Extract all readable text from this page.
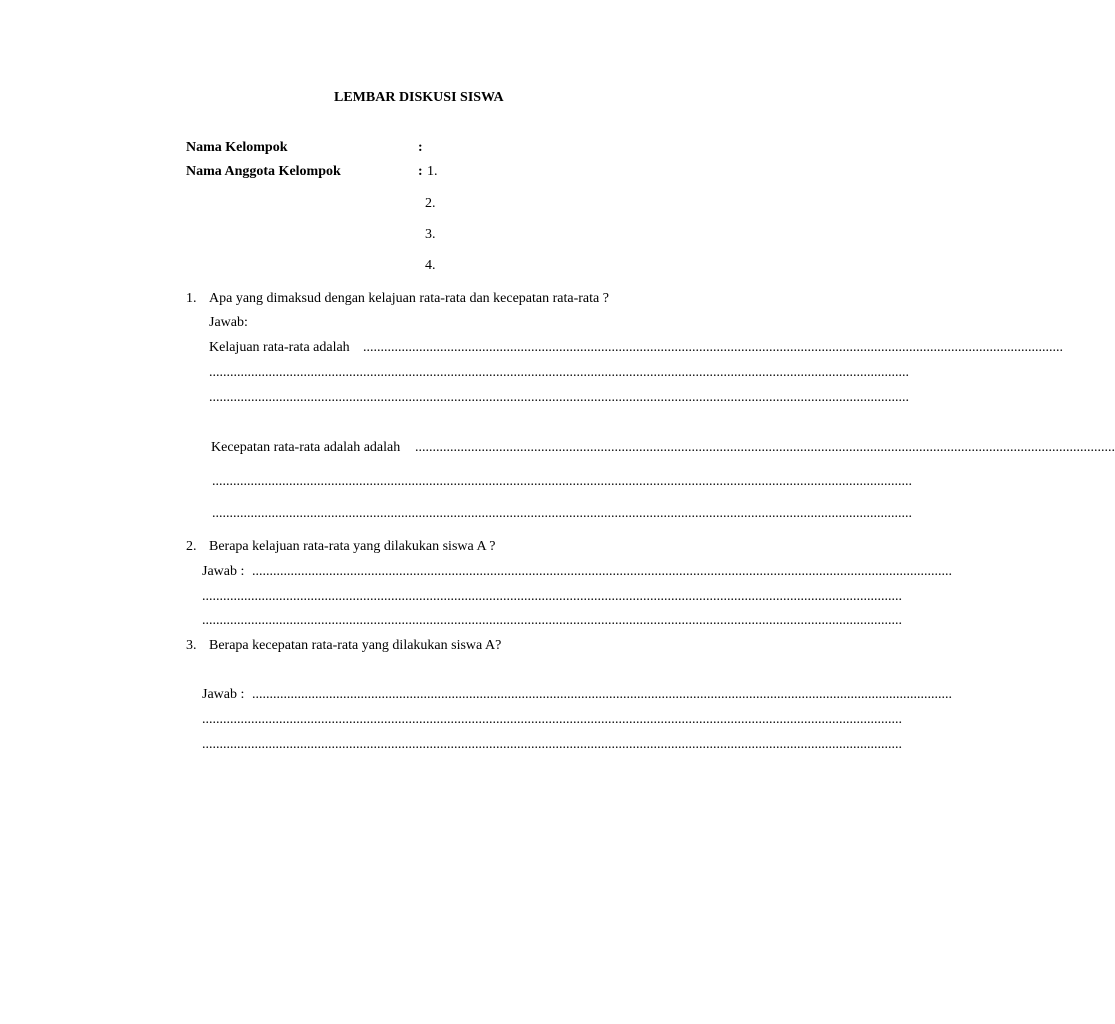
LEMBAR DISKUSI SISWA
Nama Kelompok	:
Nama Anggota Kelompok	: 1.
2.
3.
4.
1. Apa yang dimaksud dengan kelajuan rata-rata dan kecepatan rata-rata ?
Jawab:
Kelajuan rata-rata adalah ........................................................................................................................................................................................................
........................................................................................................................................................................................................
........................................................................................................................................................................................................
Kecepatan rata-rata adalah adalah ........................................................................................................................................................................................................
........................................................................................................................................................................................................
........................................................................................................................................................................................................
2. Berapa kelajuan rata-rata yang dilakukan siswa A ?
Jawab : ........................................................................................................................................................................................................
........................................................................................................................................................................................................
........................................................................................................................................................................................................
3. Berapa kecepatan rata-rata yang dilakukan siswa A?
Jawab : ........................................................................................................................................................................................................
........................................................................................................................................................................................................
........................................................................................................................................................................................................
